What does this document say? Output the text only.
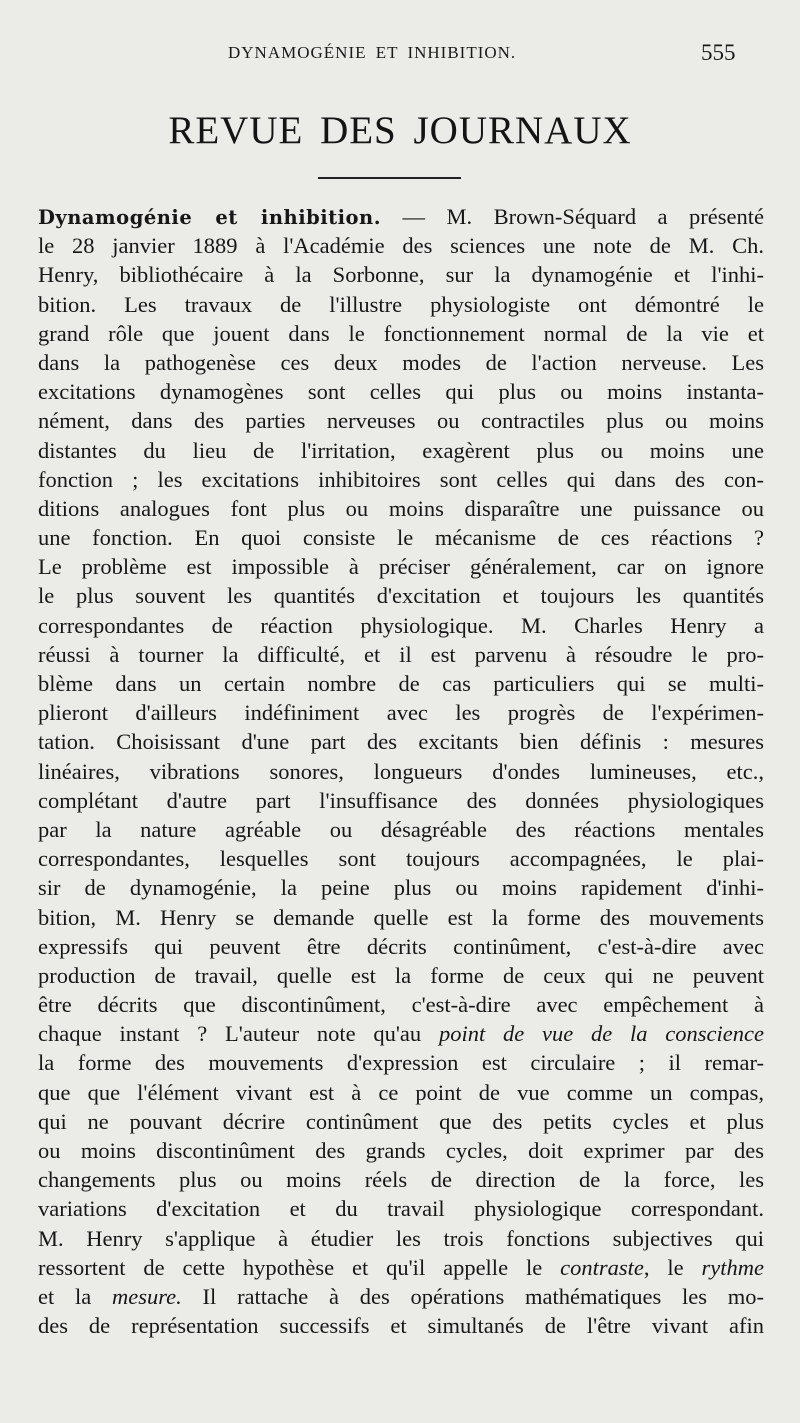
DYNAMOGÉNIE ET INHIBITION.	555
REVUE DES JOURNAUX
Dynamogénie et inhibition. — M. Brown-Séquard a présenté
le 28 janvier 1889 à l'Académie des sciences une note de M. Ch.
Henry, bibliothécaire à la Sorbonne, sur la dynamogénie et l'inhi-
bition. Les travaux de l'illustre physiologiste ont démontré le
grand rôle que jouent dans le fonctionnement normal de la vie et
dans la pathogenèse ces deux modes de l'action nerveuse. Les
excitations dynamogènes sont celles qui plus ou moins instanta-
nément, dans des parties nerveuses ou contractiles plus ou moins
distantes du lieu de l'irritation, exagèrent plus ou moins une
fonction ; les excitations inhibitoires sont celles qui dans des con-
ditions analogues font plus ou moins disparaître une puissance ou
une fonction. En quoi consiste le mécanisme de ces réactions ?
Le problème est impossible à préciser généralement, car on ignore
le plus souvent les quantités d'excitation et toujours les quantités
correspondantes de réaction physiologique. M. Charles Henry a
réussi à tourner la difficulté, et il est parvenu à résoudre le pro-
blème dans un certain nombre de cas particuliers qui se multi-
plieront d'ailleurs indéfiniment avec les progrès de l'expérimen-
tation. Choisissant d'une part des excitants bien définis : mesures
linéaires, vibrations sonores, longueurs d'ondes lumineuses, etc.,
complétant d'autre part l'insuffisance des données physiologiques
par la nature agréable ou désagréable des réactions mentales
correspondantes, lesquelles sont toujours accompagnées, le plai-
sir de dynamogénie, la peine plus ou moins rapidement d'inhi-
bition, M. Henry se demande quelle est la forme des mouvements
expressifs qui peuvent être décrits continûment, c'est-à-dire avec
production de travail, quelle est la forme de ceux qui ne peuvent
être décrits que discontinûment, c'est-à-dire avec empêchement à
chaque instant ? L'auteur note qu'au point de vue de la conscience
la forme des mouvements d'expression est circulaire ; il remar-
que que l'élément vivant est à ce point de vue comme un compas,
qui ne pouvant décrire continûment que des petits cycles et plus
ou moins discontinûment des grands cycles, doit exprimer par des
changements plus ou moins réels de direction de la force, les
variations d'excitation et du travail physiologique correspondant.
M. Henry s'applique à étudier les trois fonctions subjectives qui
ressortent de cette hypothèse et qu'il appelle le contraste, le rythme
et la mesure. Il rattache à des opérations mathématiques les mo-
des de représentation successifs et simultanés de l'être vivant afin
